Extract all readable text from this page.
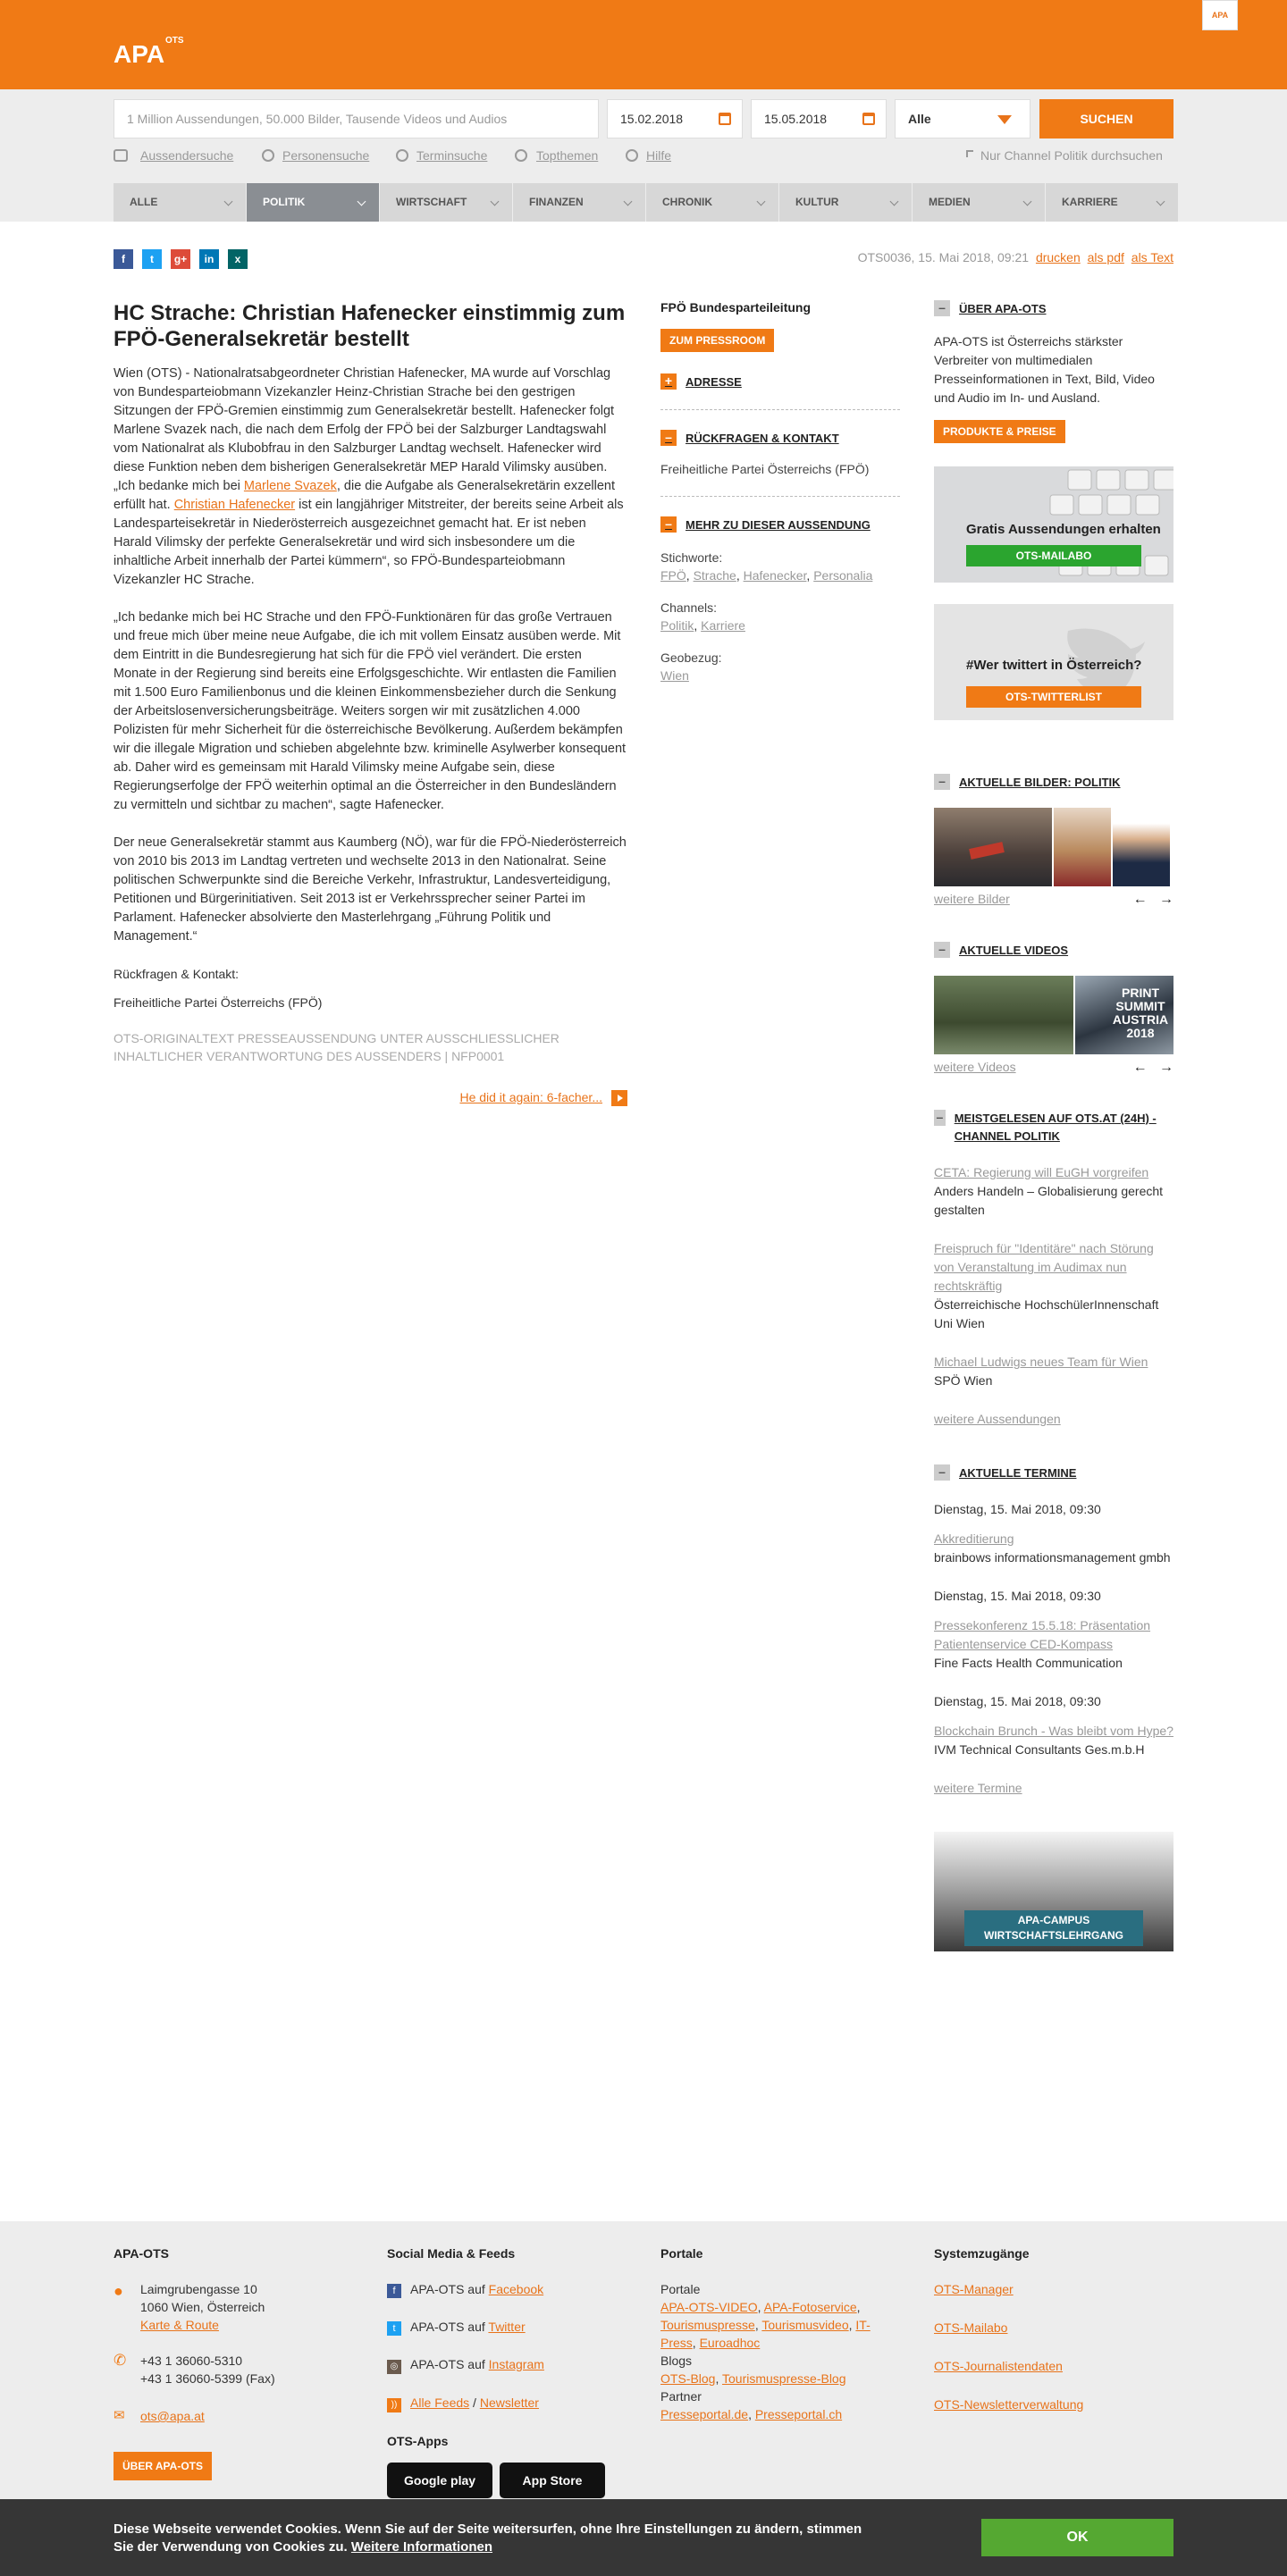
APA OTS
APA
1 Million Aussendungen, 50.000 Bilder, Tausende Videos und Audios	15.02.2018	15.05.2018	Alle	SUCHEN
Aussendersuche	Personensuche	Terminsuche	Topthemen	Hilfe	Nur Channel Politik durchsuchen
ALLE	POLITIK	WIRTSCHAFT	FINANZEN	CHRONIK	KULTUR	MEDIEN	KARRIERE
f	t	g+	in	x	OTS0036, 15. Mai 2018, 09:21 drucken als pdf als Text
HC Strache: Christian Hafenecker einstimmig zum FPÖ-Generalsekretär bestellt

Wien (OTS) - Nationalratsabgeordneter Christian Hafenecker, MA wurde auf Vorschlag von Bundesparteiobmann Vizekanzler Heinz-Christian Strache bei den gestrigen Sitzungen der FPÖ-Gremien einstimmig zum Generalsekretär bestellt. Hafenecker folgt Marlene Svazek nach, die nach dem Erfolg der FPÖ bei der Salzburger Landtagswahl vom Nationalrat als Klubobfrau in den Salzburger Landtag wechselt. Hafenecker wird diese Funktion neben dem bisherigen Generalsekretär MEP Harald Vilimsky ausüben. „Ich bedanke mich bei Marlene Svazek, die die Aufgabe als Generalsekretärin exzellent erfüllt hat. Christian Hafenecker ist ein langjähriger Mitstreiter, der bereits seine Arbeit als Landesparteisekretär in Niederösterreich ausgezeichnet gemacht hat. Er ist neben Harald Vilimsky der perfekte Generalsekretär und wird sich insbesondere um die inhaltliche Arbeit innerhalb der Partei kümmern“, so FPÖ-Bundesparteiobmann Vizekanzler HC Strache.

„Ich bedanke mich bei HC Strache und den FPÖ-Funktionären für das große Vertrauen und freue mich über meine neue Aufgabe, die ich mit vollem Einsatz ausüben werde. Mit dem Eintritt in die Bundesregierung hat sich für die FPÖ viel verändert. Die ersten Monate in der Regierung sind bereits eine Erfolgsgeschichte. Wir entlasten die Familien mit 1.500 Euro Familienbonus und die kleinen Einkommensbezieher durch die Senkung der Arbeitslosenversicherungsbeiträge. Weiters sorgen wir mit zusätzlichen 4.000 Polizisten für mehr Sicherheit für die österreichische Bevölkerung. Außerdem bekämpfen wir die illegale Migration und schieben abgelehnte bzw. kriminelle Asylwerber konsequent ab. Daher wird es gemeinsam mit Harald Vilimsky meine Aufgabe sein, diese Regierungserfolge der FPÖ weiterhin optimal an die Österreicher in den Bundesländern zu vermitteln und sichtbar zu machen“, sagte Hafenecker.

Der neue Generalsekretär stammt aus Kaumberg (NÖ), war für die FPÖ-Niederösterreich von 2010 bis 2013 im Landtag vertreten und wechselte 2013 in den Nationalrat. Seine politischen Schwerpunkte sind die Bereiche Verkehr, Infrastruktur, Landesverteidigung, Petitionen und Bürgerinitiativen. Seit 2013 ist er Verkehrssprecher seiner Partei im Parlament. Hafenecker absolvierte den Masterlehrgang „Führung Politik und Management.“

Rückfragen & Kontakt:

Freiheitliche Partei Österreichs (FPÖ)

OTS-ORIGINALTEXT PRESSEAUSSENDUNG UNTER AUSSCHLIESSLICHER INHALTLICHER VERANTWORTUNG DES AUSSENDERS | NFP0001

He did it again: 6-facher...
FPÖ Bundesparteileitung
ZUM PRESSROOM
+	ADRESSE
–	RÜCKFRAGEN & KONTAKT

Freiheitliche Partei Österreichs (FPÖ)

–	MEHR ZU DIESER AUSSENDUNG

Stichworte:

FPÖ, Strache, Hafenecker, Personalia

Channels:

Politik, Karriere

Geobezug:

Wien
–	ÜBER APA-OTS

APA-OTS ist Österreichs stärkster Verbreiter von multimedialen Presseinformationen in Text, Bild, Video und Audio im In- und Ausland.

PRODUKTE & PREISE
Gratis Aussendungen erhalten
OTS-MAILABO
#Wer twittert in Österreich?
OTS-TWITTERLIST
–	AKTUELLE BILDER: POLITIK
weitere Bilder	← →
–	AKTUELLE VIDEOS
PRINT SUMMIT AUSTRIA 2018
weitere Videos	← →
– MEISTGELESEN AUF OTS.AT (24H) - CHANNEL POLITIK
CETA: Regierung will EuGH vorgreifen
Anders Handeln – Globalisierung gerecht gestalten
Freispruch für "Identitäre" nach Störung von Veranstaltung im Audimax nun rechtskräftig
Österreichische HochschülerInnenschaft Uni Wien
Michael Ludwigs neues Team für Wien
SPÖ Wien
weitere Aussendungen
–	AKTUELLE TERMINE
Dienstag, 15. Mai 2018, 09:30
Akkreditierung
brainbows informationsmanagement gmbh
Dienstag, 15. Mai 2018, 09:30
Pressekonferenz 15.5.18: Präsentation Patientenservice CED-Kompass
Fine Facts Health Communication
Dienstag, 15. Mai 2018, 09:30
Blockchain Brunch - Was bleibt vom Hype?
IVM Technical Consultants Ges.m.b.H
weitere Termine
APA-CAMPUS WIRTSCHAFTSLEHRGANG
APA-OTS
● Laimgrubengasse 10
1060 Wien, Österreich
Karte & Route
✆ +43 1 36060-5310
+43 1 36060-5399 (Fax)
✉ ots@apa.at
ÜBER APA-OTS
Social Media & Feeds
f APA-OTS auf Facebook
t APA-OTS auf Twitter
◎ APA-OTS auf Instagram
)) Alle Feeds / Newsletter
OTS-Apps
Google play	App Store
Portale
Portale
APA-OTS-VIDEO, APA-Fotoservice,
Tourismuspresse, Tourismusvideo, IT-Press, Euroadhoc
Blogs
OTS-Blog, Tourismuspresse-Blog
Partner
Presseportal.de, Presseportal.ch
Systemzugänge
OTS-Manager
OTS-Mailabo
OTS-Journalistendaten
OTS-Newsletterverwaltung
Diese Webseite verwendet Cookies. Wenn Sie auf der Seite weitersurfen, ohne Ihre Einstellungen zu ändern, stimmen Sie der Verwendung von Cookies zu. Weitere Informationen
OK
